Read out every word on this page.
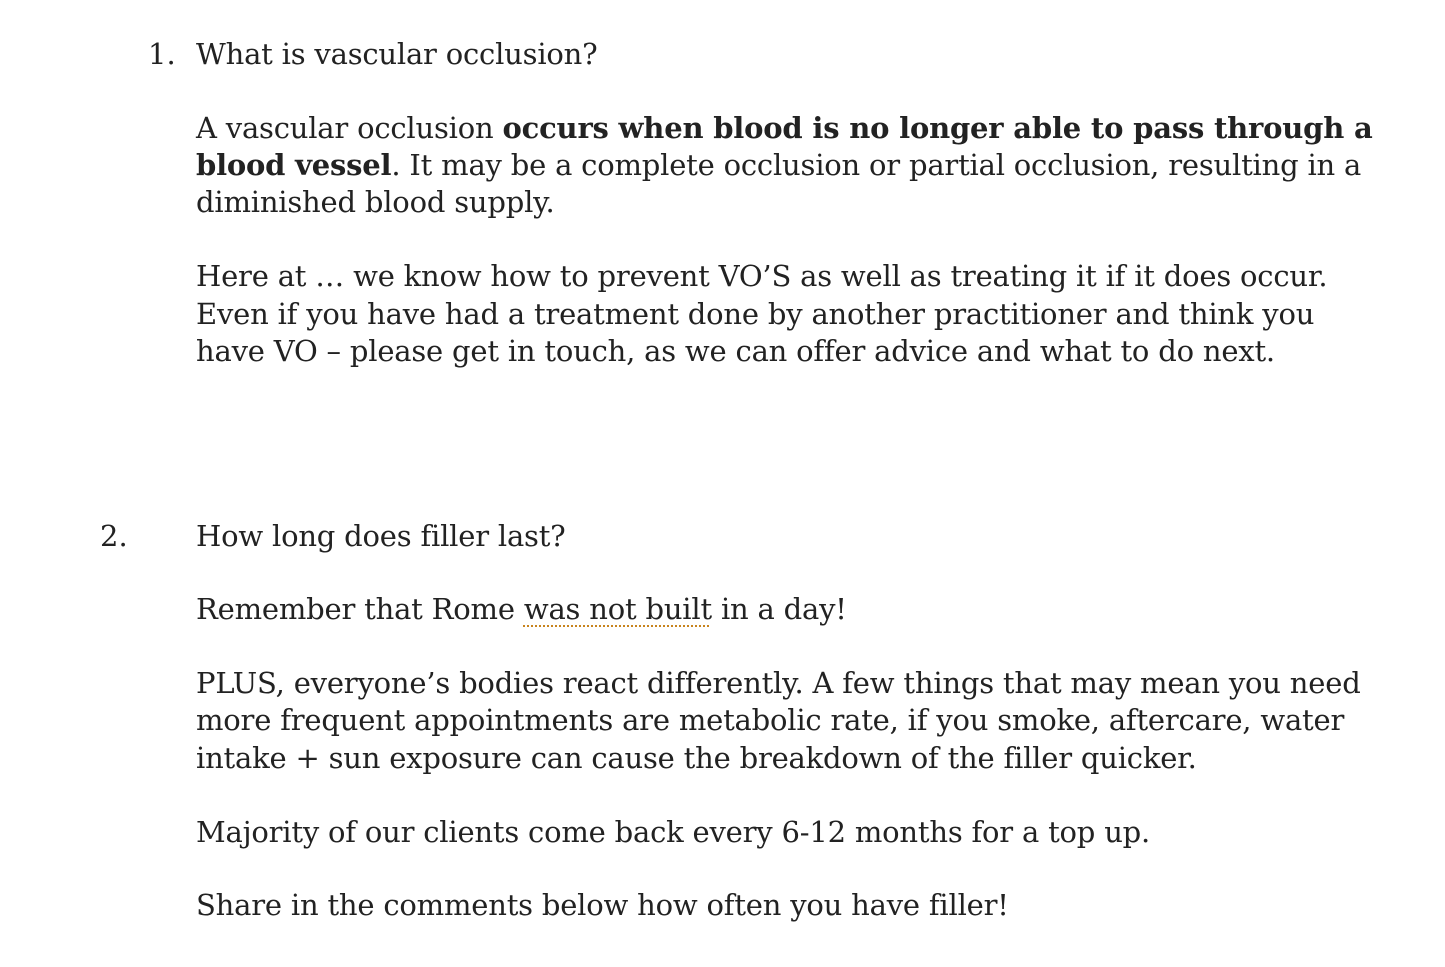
1. What is vascular occlusion?
A vascular occlusion occurs when blood is no longer able to pass through a
blood vessel. It may be a complete occlusion or partial occlusion, resulting in a
diminished blood supply.
Here at … we know how to prevent VO’S as well as treating it if it does occur.
Even if you have had a treatment done by another practitioner and think you
have VO – please get in touch, as we can offer advice and what to do next.
2. How long does filler last?
Remember that Rome was not built in a day!
PLUS, everyone’s bodies react differently. A few things that may mean you need
more frequent appointments are metabolic rate, if you smoke, aftercare, water
intake + sun exposure can cause the breakdown of the filler quicker.
Majority of our clients come back every 6-12 months for a top up.
Share in the comments below how often you have filler!
